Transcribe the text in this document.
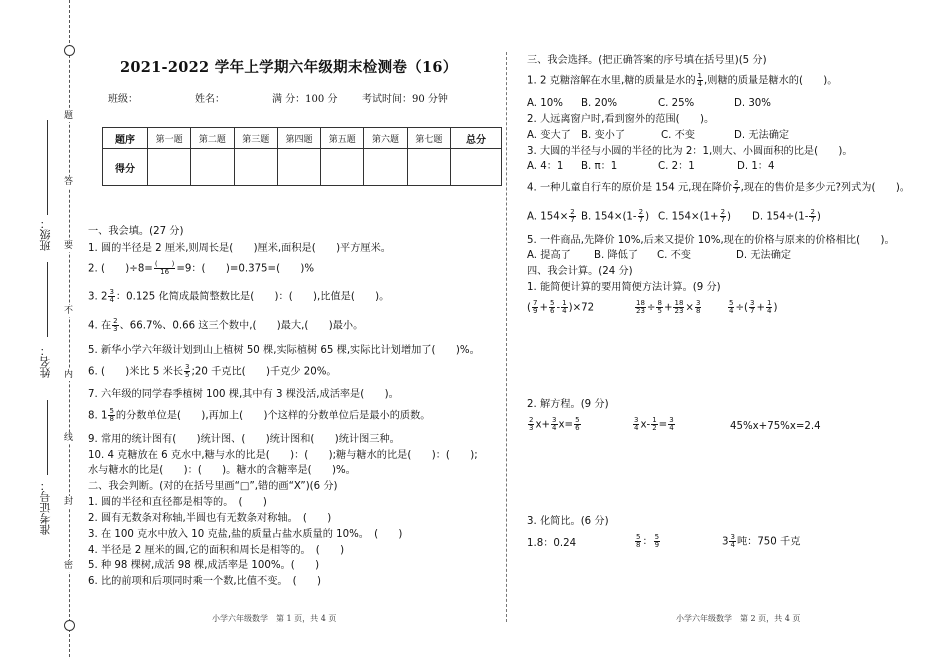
班级：
姓名：
准考证号：
题
答
要
不
内
线
封
密
2021-2022 学年上学期六年级期末检测卷（16）
班级：	姓名：	满 分：100 分 考试时间：90 分钟
题序	第一题	第二题	第三题	第四题	第五题	第六题	第七题	总分
得分								
一、我会填。(27 分)
1. 圆的半径是 2 厘米,则周长是(　　)厘米,面积是(　　)平方厘米。
2. (　　)$\div 8= \frac{( )}{16} =9$：(　　)=0.375=(　　)%
3. $2 \frac{3}{4}$ ：0.125 化简成最简整数比是(　　)：(　　),比值是(　　)。
4. 在 $\frac{2}{3}$ 、66.7%、0.66 这三个数中,(　　)最大,(　　)最小。
5. 新华小学六年级计划到山上植树 50 棵,实际植树 65 棵,实际比计划增加了(　　)%。
6. (　　)米比 5 米长 $\frac{3}{5}$ ;20 千克比(　　)千克少 20%。
7. 六年级的同学春季植树 100 棵,其中有 3 棵没活,成活率是(　　)。
8. $1 \frac{5}{8}$ 的分数单位是(　　),再加上(　　)个这样的分数单位后是最小的质数。
9. 常用的统计图有(　　)统计图、(　　)统计图和(　　)统计图三种。
10. 4 克糖放在 6 克水中,糖与水的比是(　　)：(　　);糖与糖水的比是(　　)：(　　);
水与糖水的比是(　　)：(　　)。糖水的含糖率是(　　)%。
二、我会判断。(对的在括号里画“□”,错的画“X”)(6 分)
1. 圆的半径和直径都是相等的。　(　　)
2. 圆有无数条对称轴,半圆也有无数条对称轴。　(　　)
3. 在 100 克水中放入 10 克盐,盐的质量占盐水质量的 10%。　(　　)
4. 半径是 2 厘米的圆,它的面积和周长是相等的。　(　　)
5. 种 98 棵树,成活 98 棵,成活率是 100%。(　　)
6. 比的前项和后项同时乘一个数,比值不变。　(　　)
三、我会选择。(把正确答案的序号填在括号里)(5 分)
1. 2 克糖溶解在水里,糖的质量是水的 $\frac{1}{4}$ ,则糖的质量是糖水的(　　)。
A. 10% B. 20%	C. 25%	D. 30%
2. 人远离窗户时,看到窗外的范围(　　)。
A. 变大了 B. 变小了	C. 不变	D. 无法确定
3. 大圆的半径与小圆的半径的比为 2：1,则大、小圆面积的比是(　　)。
A. 4：1 B. π：1	C. 2：1	D. 1：4
4. 一种儿童自行车的原价是 154 元,现在降价 $\frac{2}{7}$ ,现在的售价是多少元?列式为(　　)。
A. $154\times \frac{2}{7} B$. $154\times(1- \frac{2}{7}$ ) C. $154\times(1+ \frac{2}{7}$ ) D. $154\div(1- \frac{2}{7}$ )
5. 一件商品,先降价 10%,后来又提价 10%,现在的价格与原来的价格相比(　　)。
A. 提高了 B. 降低了 C. 不变	D. 无法确定
四、我会计算。(24 分)
1. 能简便计算的要用简便方法计算。(9 分)
( $\frac{7}{9} + \frac{5}{6} - \frac{1}{4} )\times 72$	$\frac{18}{23} \div \frac{8}{5} + \frac{18}{23} \times \frac{3}{8}$	$\frac{5}{4}$ ÷( $\frac{3}{7} + \frac{1}{4}$ )
2. 解方程。(9 分)
$\frac{2}{3} x+ \frac{3}{4} x= \frac{5}{6}$	$\frac{3}{4} x- \frac{1}{2} = \frac{3}{4}$	45%x+75%x=2.4
3. 化简比。(6 分)
1.8：0.24	$\frac{5}{8}$ ： $\frac{5}{9}$	$3 \frac{3}{4}$ 吨：750 千克
小学六年级数学　第 1 页，共 4 页	小学六年级数学　第 2 页，共 4 页
